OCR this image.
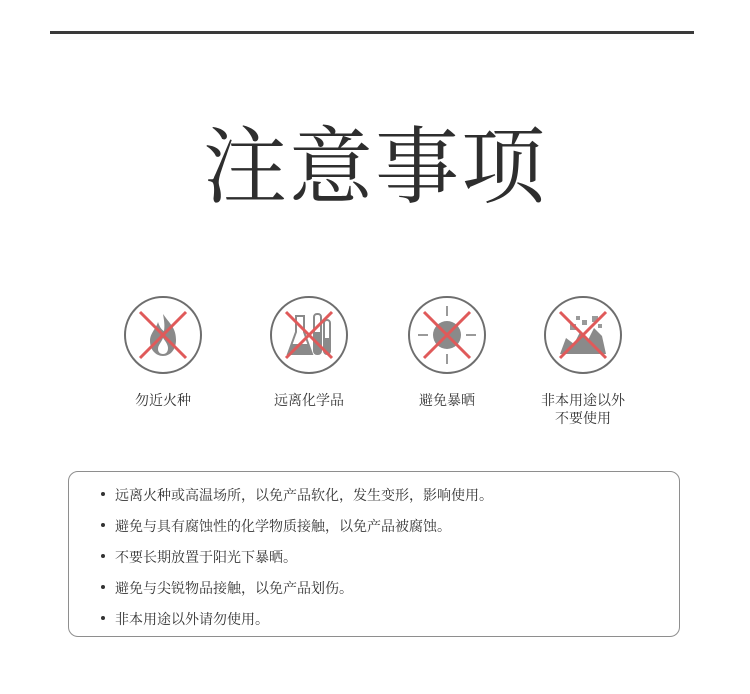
注意事项
勿近火种	远离化学品	避免暴晒	非本用途以外
不要使用
远离火种或高温场所，以免产品软化，发生变形，影响使用。
避免与具有腐蚀性的化学物质接触，以免产品被腐蚀。
不要长期放置于阳光下暴晒。
避免与尖锐物品接触，以免产品划伤。
非本用途以外请勿使用。
